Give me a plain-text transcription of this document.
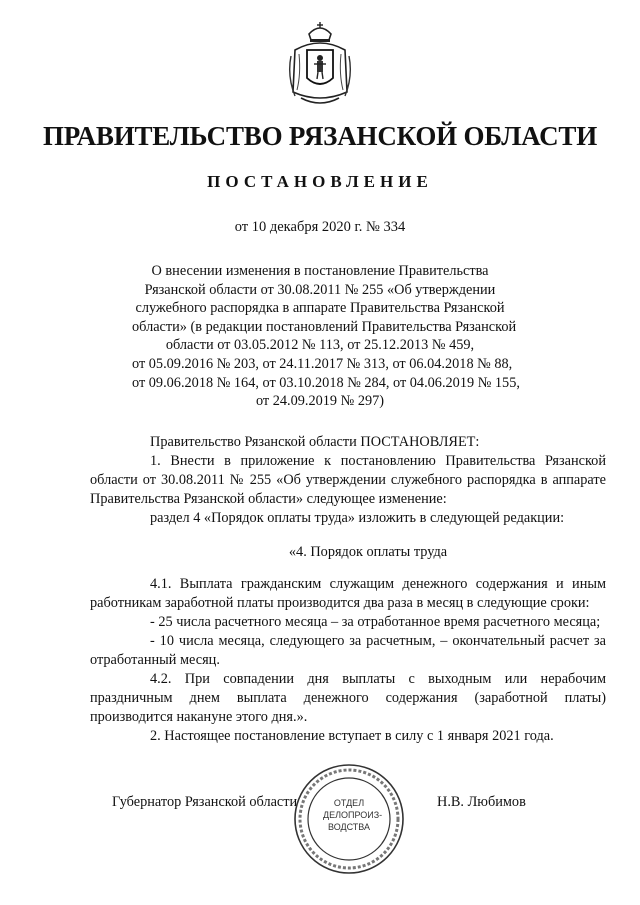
ПРАВИТЕЛЬСТВО РЯЗАНСКОЙ ОБЛАСТИ
ПОСТАНОВЛЕНИЕ
от 10 декабря 2020 г. № 334
О внесении изменения в постановление Правительства
Рязанской области от 30.08.2011 № 255 «Об утверждении
служебного распорядка в аппарате Правительства Рязанской
области» (в редакции постановлений Правительства Рязанской
области от 03.05.2012 № 113, от 25.12.2013 № 459,
от 05.09.2016 № 203, от 24.11.2017 № 313, от 06.04.2018 № 88,
от 09.06.2018 № 164, от 03.10.2018 № 284, от 04.06.2019 № 155,
от 24.09.2019 № 297)

Правительство Рязанской области ПОСТАНОВЛЯЕТ:

1. Внести в приложение к постановлению Правительства Рязанской области от 30.08.2011 № 255 «Об утверждении служебного распорядка в аппарате Правительства Рязанской области» следующее изменение:

раздел 4 «Порядок оплаты труда» изложить в следующей редакции:

«4. Порядок оплаты труда

4.1. Выплата гражданским служащим денежного содержания и иным работникам заработной платы производится два раза в месяц в следующие сроки:

- 25 числа расчетного месяца – за отработанное время расчетного месяца;

- 10 числа месяца, следующего за расчетным, – окончательный расчет за отработанный месяц.

4.2. При совпадении дня выплаты с выходным или нерабочим праздничным днем выплата денежного содержания (заработной платы) производится накануне этого дня.».

2. Настоящее постановление вступает в силу с 1 января 2021 года.

Губернатор Рязанской области	Н.В. Любимов
ОТДЕЛ
ДЕЛОПРОИЗ-
ВОДСТВА
